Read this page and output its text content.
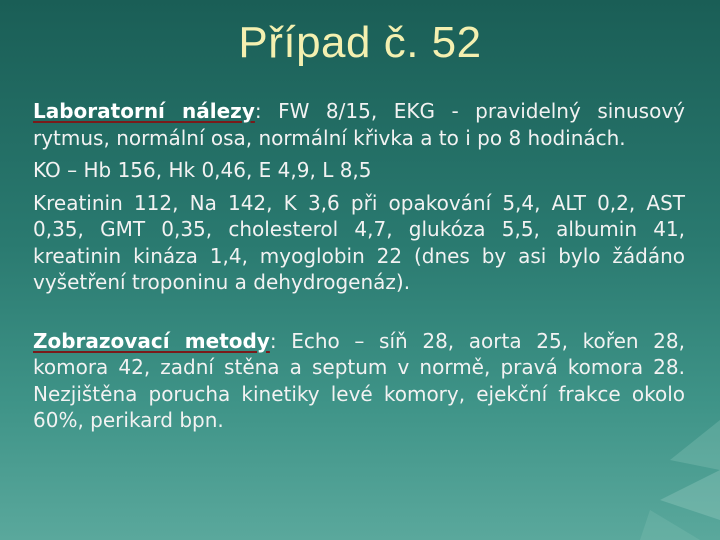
Případ č. 52

Laboratorní nálezy: FW 8/15, EKG - pravidelný sinusový rytmus, normální osa, normální křivka a to i po 8 hodinách.

KO – Hb 156, Hk 0,46, E 4,9, L 8,5

Kreatinin 112, Na 142, K 3,6 při opakování 5,4, ALT 0,2, AST 0,35, GMT 0,35, cholesterol 4,7, glukóza 5,5, albumin 41, kreatinin kináza 1,4, myoglobin 22 (dnes by asi bylo žádáno vyšetření troponinu a dehydrogenáz).

Zobrazovací metody: Echo – síň 28, aorta 25, kořen 28, komora 42, zadní stěna a septum v normě, pravá komora 28. Nezjištěna porucha kinetiky levé komory, ejekční frakce okolo 60%, perikard bpn.
